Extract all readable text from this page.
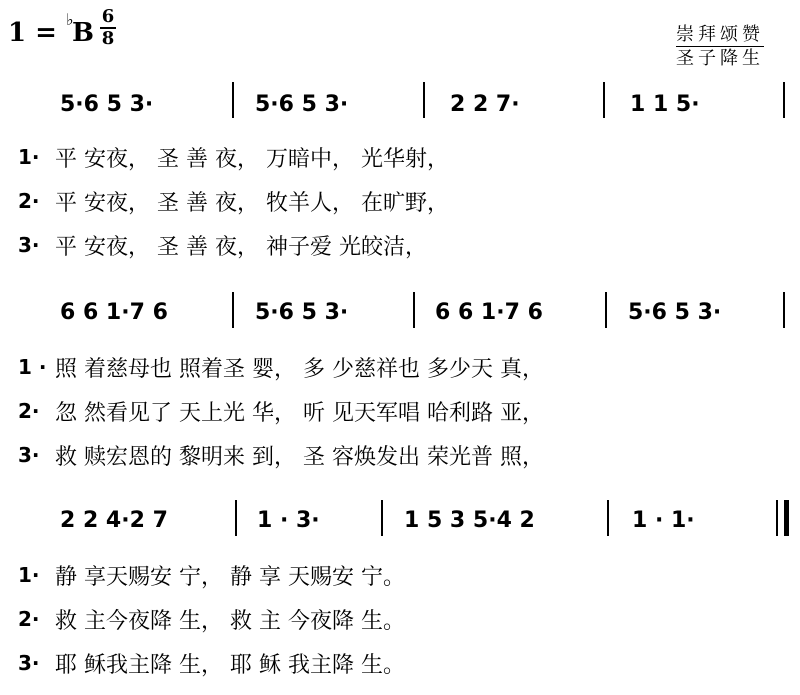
1 = ♭
B
6
8	崇拜颂赞
圣子降生
5·6 5 3·	5·6 5 3·	2 2 7·	1 1 5·
1· 平 安夜， 圣 善 夜， 万暗中， 光华射，
2· 平 安夜， 圣 善 夜， 牧羊人， 在旷野，
3· 平 安夜， 圣 善 夜， 神子爱 光皎洁，
6 6 1·7 6	5·6 5 3·	6 6 1·7 6	5·6 5 3·
1 · 照 着慈母也 照着圣 婴， 多 少慈祥也 多少天 真，
2· 忽 然看见了 天上光 华， 听 见天军唱 哈利路 亚，
3· 救 赎宏恩的 黎明来 到， 圣 容焕发出 荣光普 照，
2 2 4·2 7	1 · 3·	1 5 3 5·4 2	1 · 1·
1· 静 享天赐安 宁， 静 享 天赐安 宁。
2· 救 主今夜降 生， 救 主 今夜降 生。
3· 耶 稣我主降 生， 耶 稣 我主降 生。
